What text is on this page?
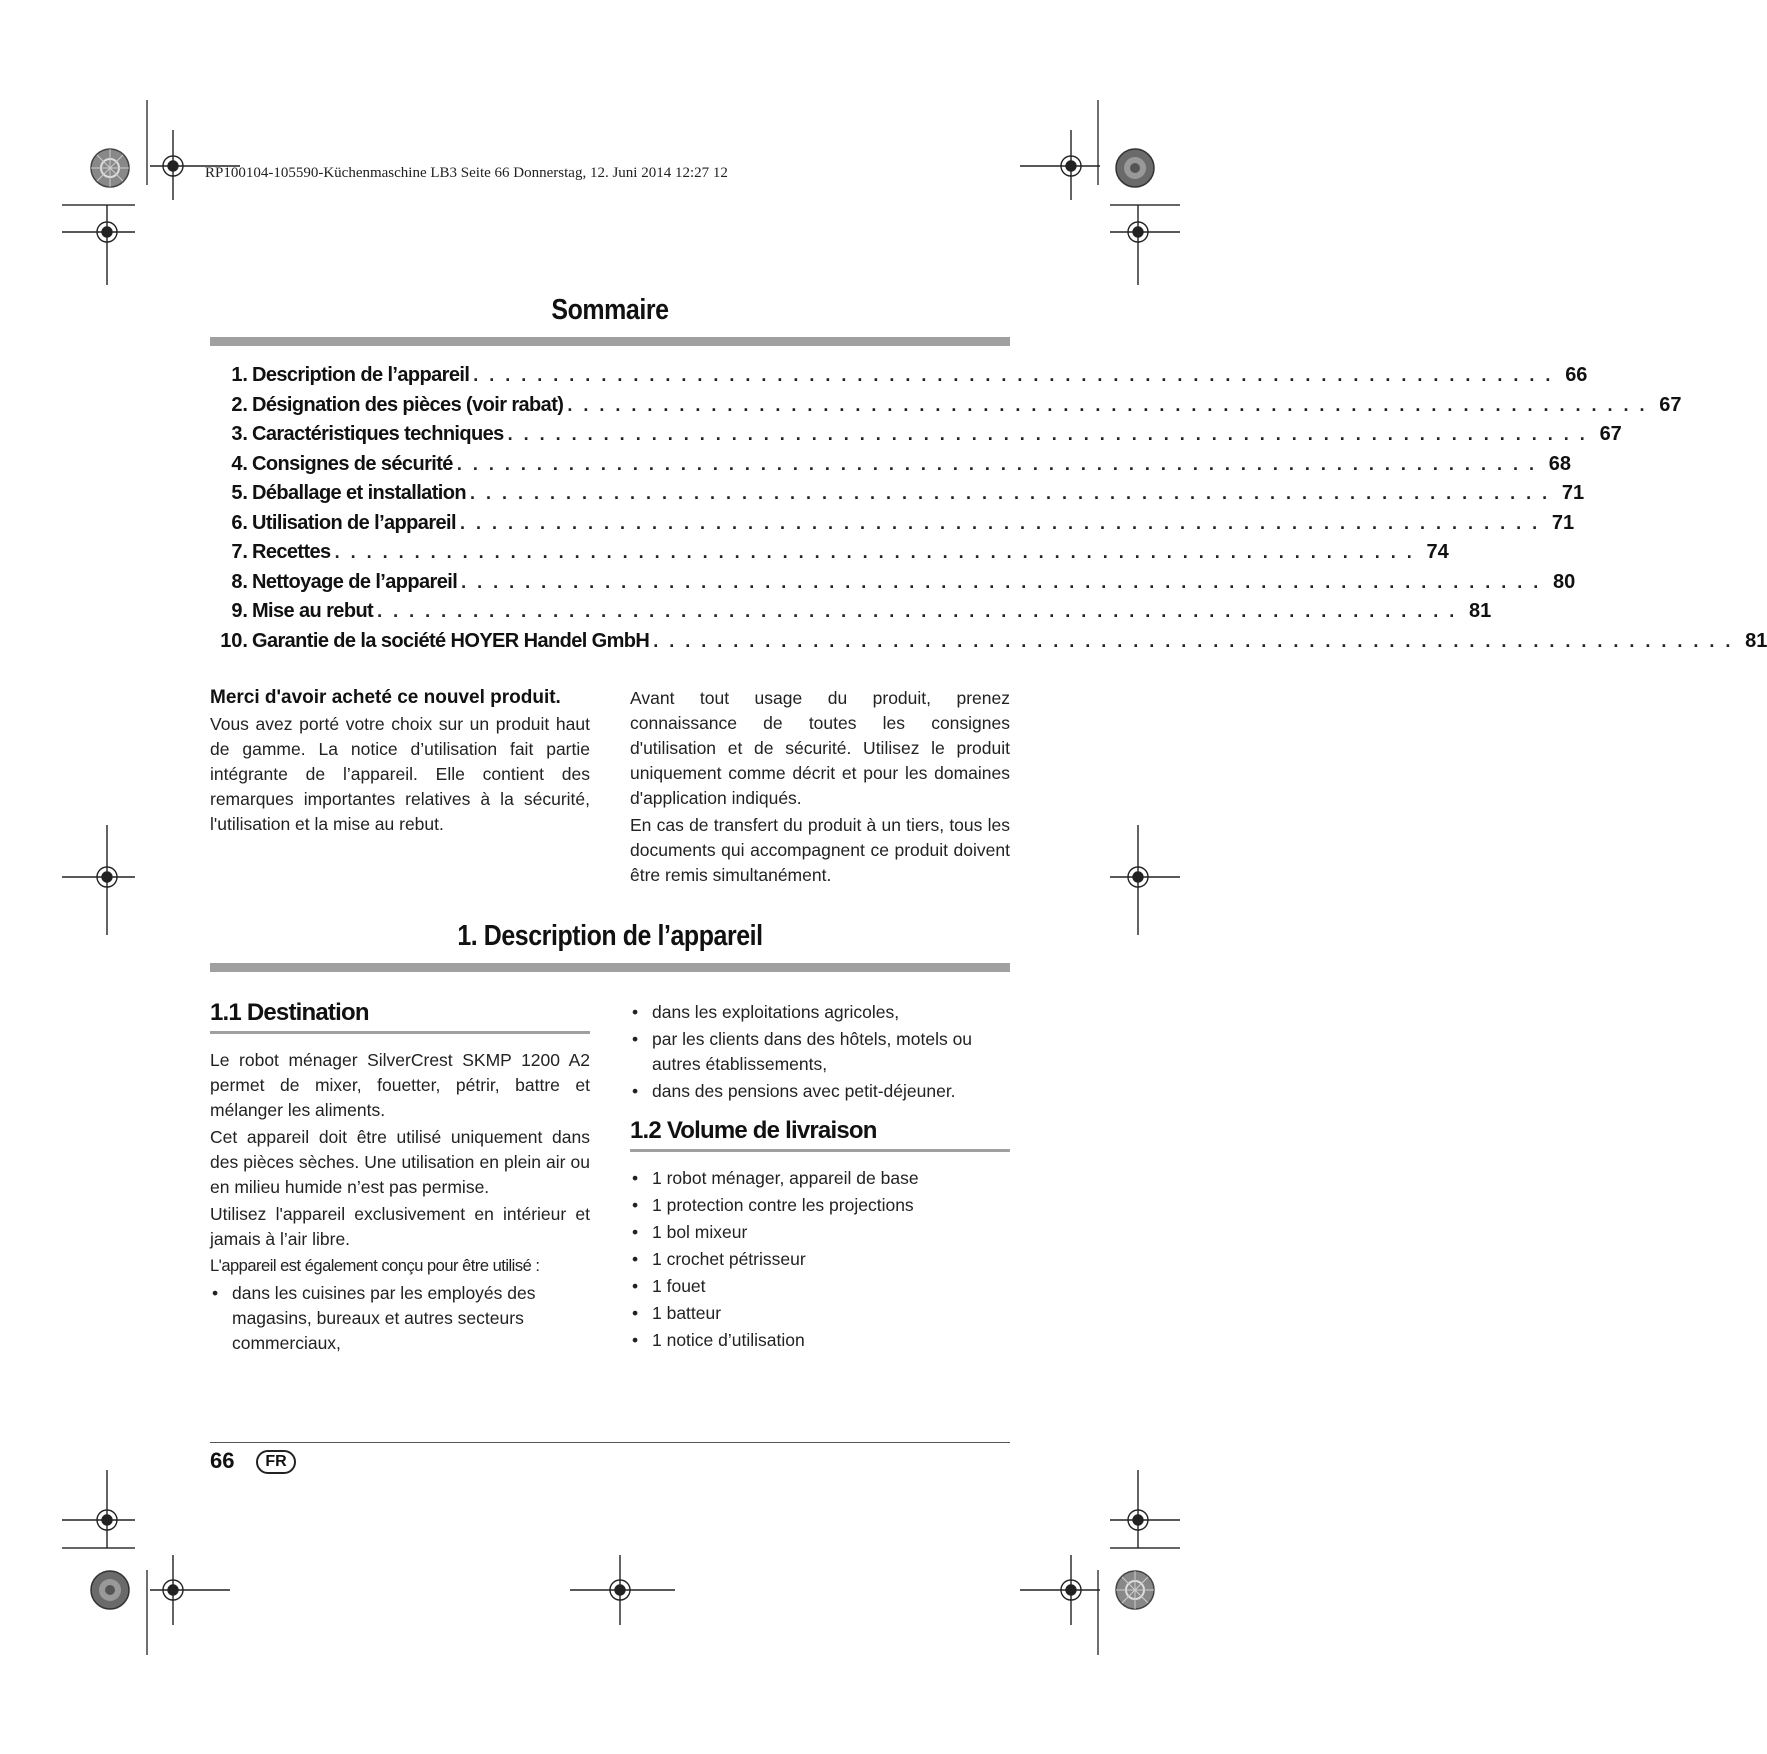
RP100104-105590-Küchenmaschine LB3 Seite 66 Donnerstag, 12. Juni 2014 12:27 12
Sommaire
1. Description de l’appareil . . . . . . . . . . . . . . . . . . . . . . . . . . . . . . . . . . . . . . . . . . . . . . . . . . . . . . . . . . . . . . . . . . . . 66
2. Désignation des pièces (voir rabat) . . . . . . . . . . . . . . . . . . . . . . . . . . . . . . . . . . . . . . . . . . . . . . . . . . . . . . . . . . . . . . . . . . . . 67
3. Caractéristiques techniques . . . . . . . . . . . . . . . . . . . . . . . . . . . . . . . . . . . . . . . . . . . . . . . . . . . . . . . . . . . . . . . . . . . . 67
4. Consignes de sécurité . . . . . . . . . . . . . . . . . . . . . . . . . . . . . . . . . . . . . . . . . . . . . . . . . . . . . . . . . . . . . . . . . . . . 68
5. Déballage et installation . . . . . . . . . . . . . . . . . . . . . . . . . . . . . . . . . . . . . . . . . . . . . . . . . . . . . . . . . . . . . . . . . . . . 71
6. Utilisation de l’appareil . . . . . . . . . . . . . . . . . . . . . . . . . . . . . . . . . . . . . . . . . . . . . . . . . . . . . . . . . . . . . . . . . . . . 71
7. Recettes . . . . . . . . . . . . . . . . . . . . . . . . . . . . . . . . . . . . . . . . . . . . . . . . . . . . . . . . . . . . . . . . . . . . 74
8. Nettoyage de l’appareil . . . . . . . . . . . . . . . . . . . . . . . . . . . . . . . . . . . . . . . . . . . . . . . . . . . . . . . . . . . . . . . . . . . . 80
9. Mise au rebut . . . . . . . . . . . . . . . . . . . . . . . . . . . . . . . . . . . . . . . . . . . . . . . . . . . . . . . . . . . . . . . . . . . . 81
10. Garantie de la société HOYER Handel GmbH . . . . . . . . . . . . . . . . . . . . . . . . . . . . . . . . . . . . . . . . . . . . . . . . . . . . . . . . . . . . . . . . . . . . 81

Merci d'avoir acheté ce nouvel produit.

Vous avez porté votre choix sur un produit haut de gamme. La notice d’utilisation fait partie intégrante de l’appareil. Elle contient des remarques importantes relatives à la sécurité, l'utilisation et la mise au rebut.

Avant tout usage du produit, prenez connaissance de toutes les consignes d'utilisation et de sécurité. Utilisez le produit uniquement comme décrit et pour les domaines d'application indiqués.

En cas de transfert du produit à un tiers, tous les documents qui accompagnent ce produit doivent être remis simultanément.

1. Description de l’appareil
1.1 Destination

Le robot ménager SilverCrest SKMP 1200 A2 permet de mixer, fouetter, pétrir, battre et mélanger les aliments.

Cet appareil doit être utilisé uniquement dans des pièces sèches. Une utilisation en plein air ou en milieu humide n’est pas permise.

Utilisez l'appareil exclusivement en intérieur et jamais à l’air libre.

L'appareil est également conçu pour être utilisé :

• dans les cuisines par les employés des magasins, bureaux et autres secteurs commerciaux,
• dans les exploitations agricoles,
• par les clients dans des hôtels, motels ou autres établissements,
• dans des pensions avec petit-déjeuner.
1.2 Volume de livraison
• 1 robot ménager, appareil de base
• 1 protection contre les projections
• 1 bol mixeur
• 1 crochet pétrisseur
• 1 fouet
• 1 batteur
• 1 notice d’utilisation
66	FR
